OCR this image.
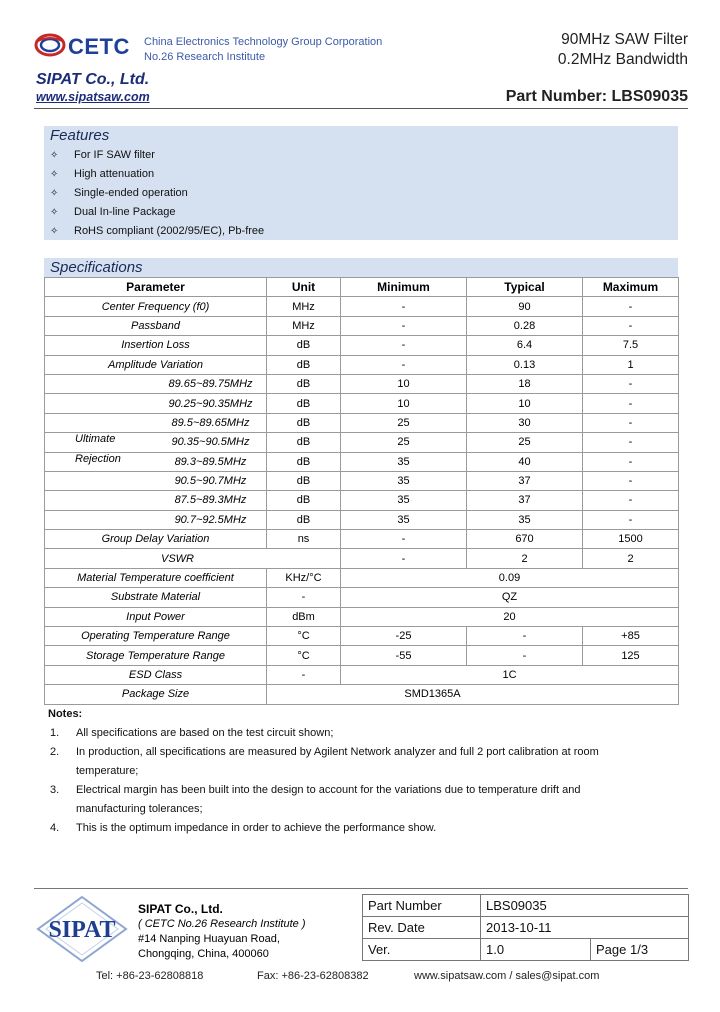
CETC China Electronics Technology Group Corporation
No.26 Research Institute
90MHz SAW Filter
0.2MHz Bandwidth
SIPAT Co., Ltd.
www.sipatsaw.com	Part Number: LBS09035
Features
✧ For IF SAW filter
✧ High attenuation
✧ Single-ended operation
✧ Dual In-line Package
✧ RoHS compliant (2002/95/EC), Pb-free
Specifications
Parameter	Unit	Minimum	Typical	Maximum
Center Frequency (f0)	MHz	-	90	-
Passband	MHz	-	0.28	-
Insertion Loss	dB	-	6.4	7.5
Amplitude Variation	dB	-	0.13	1
89.65~89.75MHz	dB	10	18	-
90.25~90.35MHz	dB	10	10	-
89.5~89.65MHz	dB	25	30	-

Ultimate 90.35~90.5MHz	dB	25	25	-

Rejection 89.3~89.5MHz	dB	35	40	-
90.5~90.7MHz	dB	35	37	-
87.5~89.3MHz	dB	35	37	-
90.7~92.5MHz	dB	35	35	-
Group Delay Variation	ns	-	670	1500
VSWR		-	2	2
Material Temperature coefficient	KHz/°C	0.09		
Substrate Material	-	QZ		
Input Power	dBm	20		
Operating Temperature Range	°C	-25	-	+85
Storage Temperature Range	°C	-55	-	125
ESD Class	-	1C		
Package Size	SMD1365A			
Notes:
1. All specifications are based on the test circuit shown;
2. In production, all specifications are measured by Agilent Network analyzer and full 2 port calibration at room temperature;
3. Electrical margin has been built into the design to account for the variations due to temperature drift and manufacturing tolerances;
4. This is the optimum impedance in order to achieve the performance show.
SIPAT
SIPAT Co., Ltd.
( CETC No.26 Research Institute )
#14 Nanping Huayuan Road,
Chongqing, China, 400060
Part Number	LBS09035	
Rev. Date	2013-10-11	
Ver.	1.0	Page 1/3
Tel: +86-23-62808818	Fax: +86-23-62808382	www.sipatsaw.com / sales@sipat.com
